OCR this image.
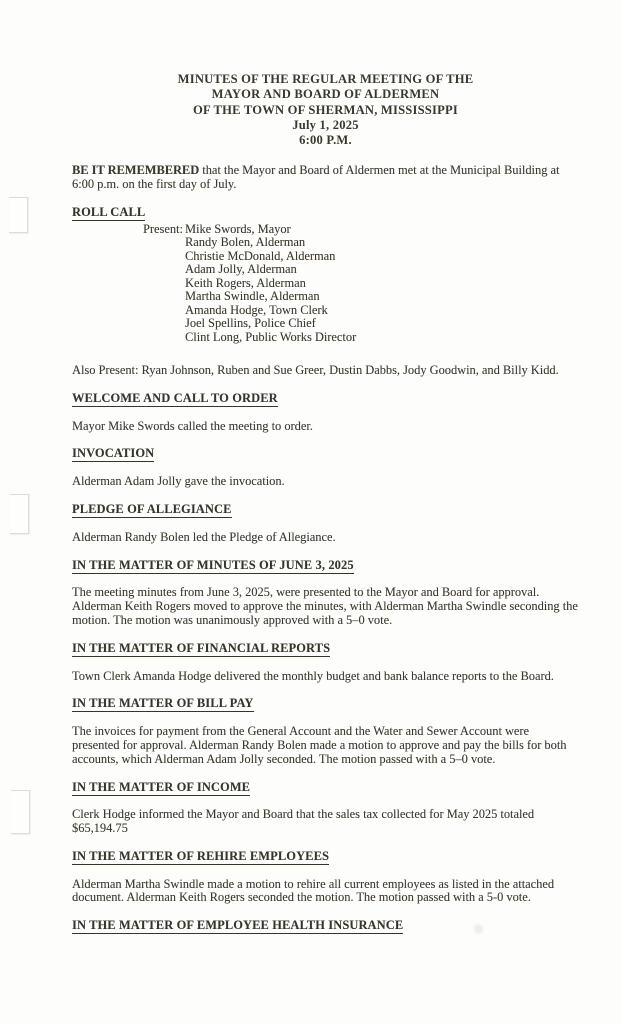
MINUTES OF THE REGULAR MEETING OF THE
MAYOR AND BOARD OF ALDERMEN
OF THE TOWN OF SHERMAN, MISSISSIPPI
July 1, 2025
6:00 P.M.

BE IT REMEMBERED that the Mayor and Board of Aldermen met at the Municipal Building at 6:00 p.m. on the first day of July.

ROLL CALL
Present: Mike Swords, Mayor
Randy Bolen, Alderman
Christie McDonald, Alderman
Adam Jolly, Alderman
Keith Rogers, Alderman
Martha Swindle, Alderman
Amanda Hodge, Town Clerk
Joel Spellins, Police Chief
Clint Long, Public Works Director

Also Present: Ryan Johnson, Ruben and Sue Greer, Dustin Dabbs, Jody Goodwin, and Billy Kidd.

WELCOME AND CALL TO ORDER

Mayor Mike Swords called the meeting to order.

INVOCATION

Alderman Adam Jolly gave the invocation.

PLEDGE OF ALLEGIANCE

Alderman Randy Bolen led the Pledge of Allegiance.

IN THE MATTER OF MINUTES OF JUNE 3, 2025

The meeting minutes from June 3, 2025, were presented to the Mayor and Board for approval. Alderman Keith Rogers moved to approve the minutes, with Alderman Martha Swindle seconding the motion. The motion was unanimously approved with a 5–0 vote.

IN THE MATTER OF FINANCIAL REPORTS

Town Clerk Amanda Hodge delivered the monthly budget and bank balance reports to the Board.

IN THE MATTER OF BILL PAY

The invoices for payment from the General Account and the Water and Sewer Account were presented for approval. Alderman Randy Bolen made a motion to approve and pay the bills for both accounts, which Alderman Adam Jolly seconded. The motion passed with a 5–0 vote.

IN THE MATTER OF INCOME

Clerk Hodge informed the Mayor and Board that the sales tax collected for May 2025 totaled $65,194.75

IN THE MATTER OF REHIRE EMPLOYEES

Alderman Martha Swindle made a motion to rehire all current employees as listed in the attached document. Alderman Keith Rogers seconded the motion. The motion passed with a 5-0 vote.

IN THE MATTER OF EMPLOYEE HEALTH INSURANCE
